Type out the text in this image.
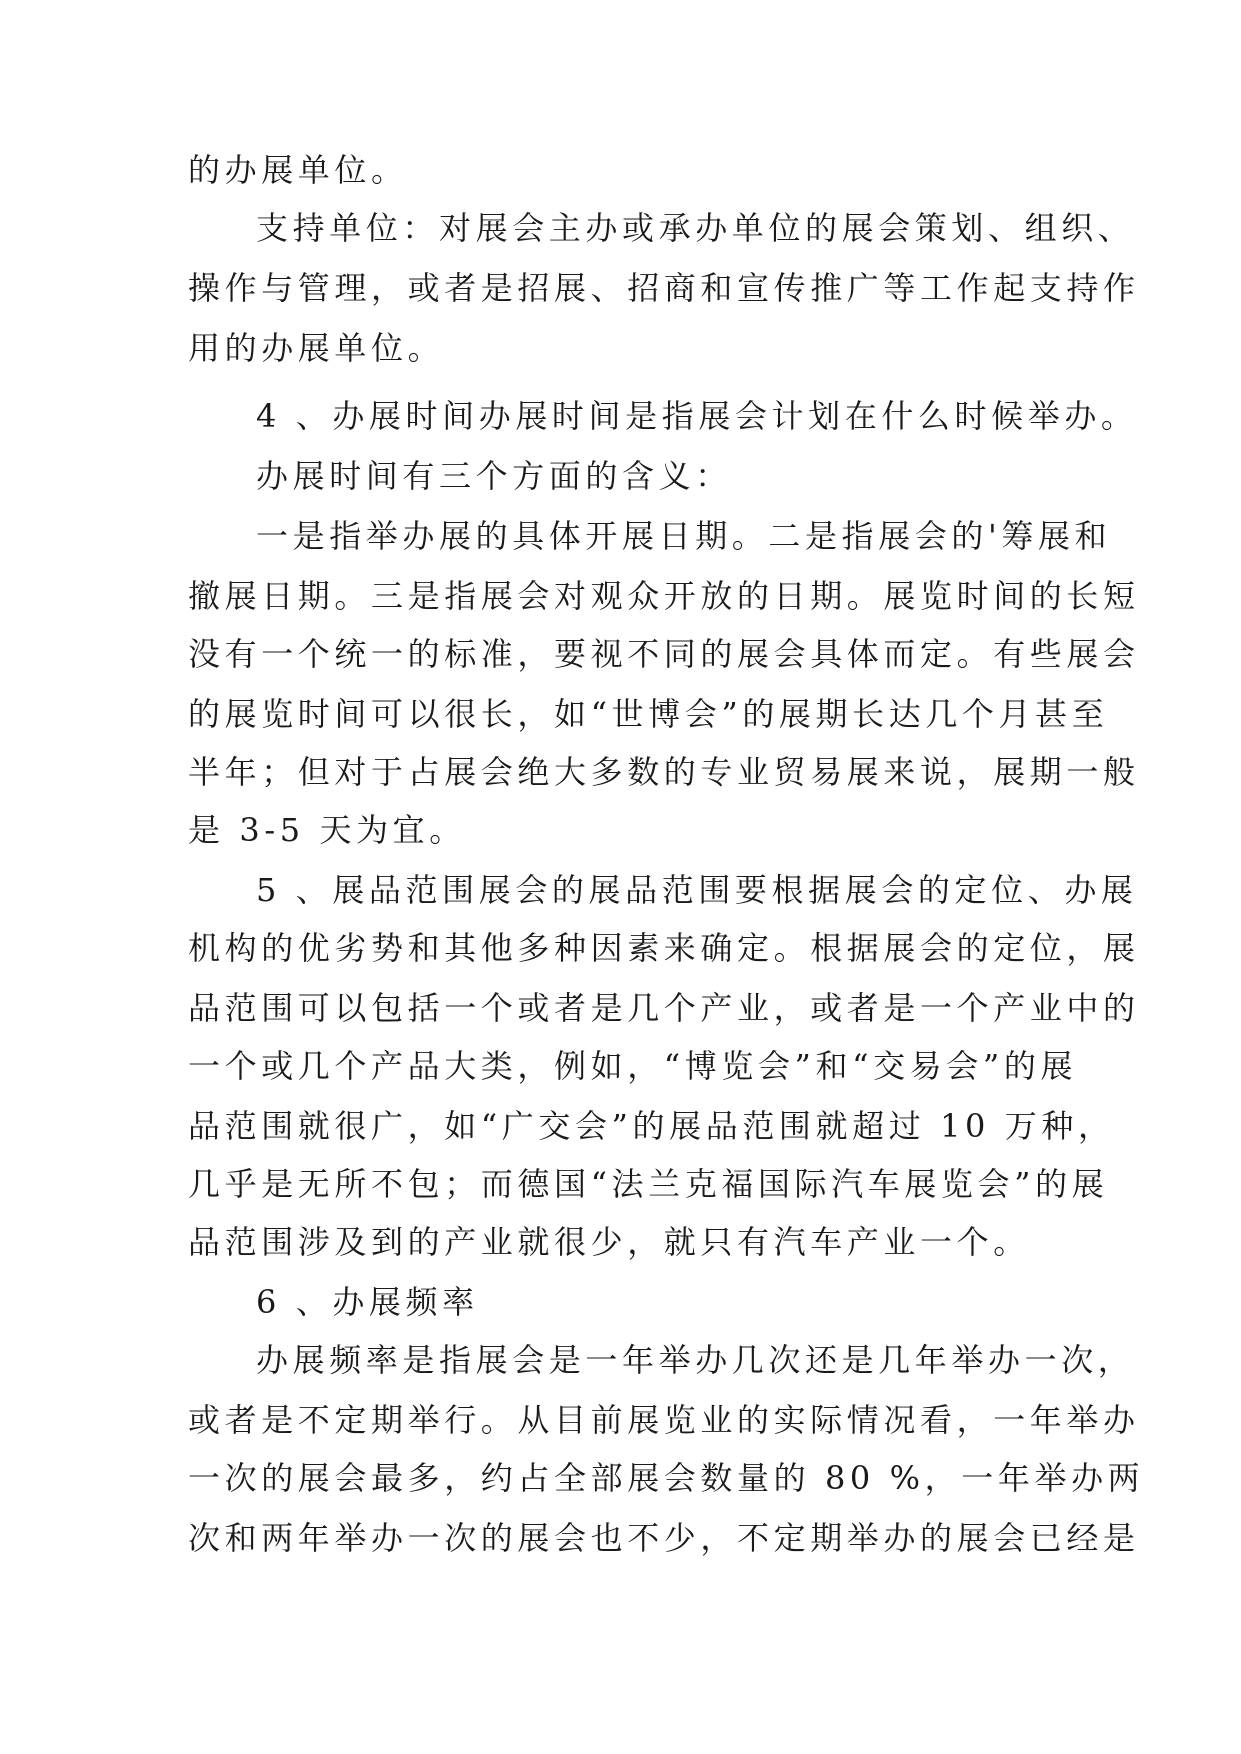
的办展单位。
支持单位：对展会主办或承办单位的展会策划、组织、
操作与管理，或者是招展、招商和宣传推广等工作起支持作
用的办展单位。
4 、办展时间办展时间是指展会计划在什么时候举办。
办展时间有三个方面的含义：
一是指举办展的具体开展日期。二是指展会的'筹展和
撤展日期。三是指展会对观众开放的日期。展览时间的长短
没有一个统一的标准，要视不同的展会具体而定。有些展会
的展览时间可以很长，如“世博会”的展期长达几个月甚至
半年；但对于占展会绝大多数的专业贸易展来说，展期一般
是 3-5 天为宜。
5 、展品范围展会的展品范围要根据展会的定位、办展
机构的优劣势和其他多种因素来确定。根据展会的定位，展
品范围可以包括一个或者是几个产业，或者是一个产业中的
一个或几个产品大类，例如，“博览会”和“交易会”的展
品范围就很广，如“广交会”的展品范围就超过 10 万种，
几乎是无所不包；而德国“法兰克福国际汽车展览会”的展
品范围涉及到的产业就很少，就只有汽车产业一个。
6 、办展频率
办展频率是指展会是一年举办几次还是几年举办一次，
或者是不定期举行。从目前展览业的实际情况看，一年举办
一次的展会最多，约占全部展会数量的 80 %，一年举办两
次和两年举办一次的展会也不少，不定期举办的展会已经是
